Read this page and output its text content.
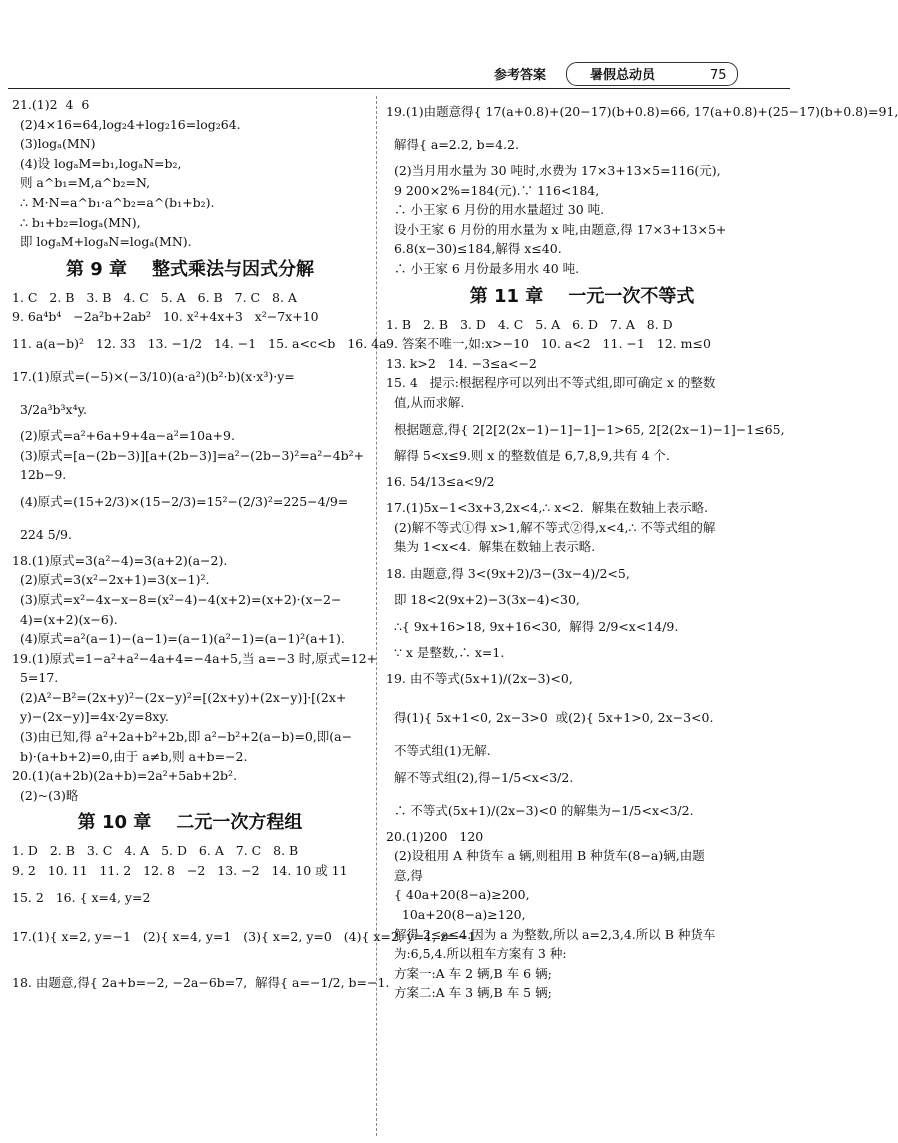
参考答案	暑假总动员	75
21.(1)2  4  6
(2)4×16=64,log₂4+log₂16=log₂64.
(3)logₐ(MN)
(4)设 logₐM=b₁,logₐN=b₂,
则 a^b₁=M,a^b₂=N,
∴ M·N=a^b₁·a^b₂=a^(b₁+b₂).
∴ b₁+b₂=logₐ(MN),
即 logₐM+logₐN=logₐ(MN).
第 9 章    整式乘法与因式分解
1. C   2. B   3. B   4. C   5. A   6. B   7. C   8. A
9. 6a⁴b⁴   −2a²b+2ab²   10. x²+4x+3   x²−7x+10
11. a(a−b)²   12. 33   13. −1/2   14. −1   15. a<c<b   16. 4a
17.(1)原式=(−5)×(−3/10)(a·a²)(b²·b)(x·x³)·y=
3/2a³b³x⁴y.
(2)原式=a²+6a+9+4a−a²=10a+9.
(3)原式=[a−(2b−3)][a+(2b−3)]=a²−(2b−3)²=a²−4b²+
12b−9.
(4)原式=(15+2/3)×(15−2/3)=15²−(2/3)²=225−4/9=
224 5/9.
18.(1)原式=3(a²−4)=3(a+2)(a−2).
(2)原式=3(x²−2x+1)=3(x−1)².
(3)原式=x²−4x−x−8=(x²−4)−4(x+2)=(x+2)·(x−2−
4)=(x+2)(x−6).
(4)原式=a²(a−1)−(a−1)=(a−1)(a²−1)=(a−1)²(a+1).
19.(1)原式=1−a²+a²−4a+4=−4a+5,当 a=−3 时,原式=12+
5=17.
(2)A²−B²=(2x+y)²−(2x−y)²=[(2x+y)+(2x−y)]·[(2x+
y)−(2x−y)]=4x·2y=8xy.
(3)由已知,得 a²+2a+b²+2b,即 a²−b²+2(a−b)=0,即(a−
b)·(a+b+2)=0,由于 a≠b,则 a+b=−2.
20.(1)(a+2b)(2a+b)=2a²+5ab+2b².
(2)~(3)略
第 10 章    二元一次方程组
1. D   2. B   3. C   4. A   5. D   6. A   7. C   8. B
9. 2   10. 11   11. 2   12. 8   −2   13. −2   14. 10 或 11
15. 2   16. { x=4, y=2
17.(1){ x=2, y=−1   (2){ x=4, y=1   (3){ x=2, y=0   (4){ x=2, y=1, z=−1
18. 由题意,得{ 2a+b=−2, −2a−6b=7,  解得{ a=−1/2, b=−1.
19.(1)由题意得{ 17(a+0.8)+(20−17)(b+0.8)=66, 17(a+0.8)+(25−17)(b+0.8)=91,
解得{ a=2.2, b=4.2.
(2)当月用水量为 30 吨时,水费为 17×3+13×5=116(元),
9 200×2%=184(元).∵ 116<184,
∴ 小王家 6 月份的用水量超过 30 吨.
设小王家 6 月份的用水量为 x 吨,由题意,得 17×3+13×5+
6.8(x−30)≤184,解得 x≤40.
∴ 小王家 6 月份最多用水 40 吨.
第 11 章    一元一次不等式
1. B   2. B   3. D   4. C   5. A   6. D   7. A   8. D
9. 答案不唯一,如:x>−10   10. a<2   11. −1   12. m≤0
13. k>2   14. −3≤a<−2
15. 4   提示:根据程序可以列出不等式组,即可确定 x 的整数
值,从而求解.
根据题意,得{ 2[2[2(2x−1)−1]−1]−1>65, 2[2(2x−1)−1]−1≤65,
解得 5<x≤9.则 x 的整数值是 6,7,8,9,共有 4 个.
16. 54/13≤a<9/2
17.(1)5x−1<3x+3,2x<4,∴ x<2.  解集在数轴上表示略.
(2)解不等式①得 x>1,解不等式②得,x<4,∴ 不等式组的解
集为 1<x<4.  解集在数轴上表示略.
18. 由题意,得 3<(9x+2)/3−(3x−4)/2<5,
即 18<2(9x+2)−3(3x−4)<30,
∴{ 9x+16>18, 9x+16<30,  解得 2/9<x<14/9.
∵ x 是整数,∴ x=1.
19. 由不等式(5x+1)/(2x−3)<0,
得(1){ 5x+1<0, 2x−3>0  或(2){ 5x+1>0, 2x−3<0.
不等式组(1)无解.
解不等式组(2),得−1/5<x<3/2.
∴ 不等式(5x+1)/(2x−3)<0 的解集为−1/5<x<3/2.
20.(1)200   120
(2)设租用 A 种货车 a 辆,则租用 B 种货车(8−a)辆,由题
意,得
{ 40a+20(8−a)≥200,
10a+20(8−a)≥120,
解得 2≤a≤4.因为 a 为整数,所以 a=2,3,4.所以 B 种货车
为:6,5,4.所以租车方案有 3 种:
方案一:A 车 2 辆,B 车 6 辆;
方案二:A 车 3 辆,B 车 5 辆;
